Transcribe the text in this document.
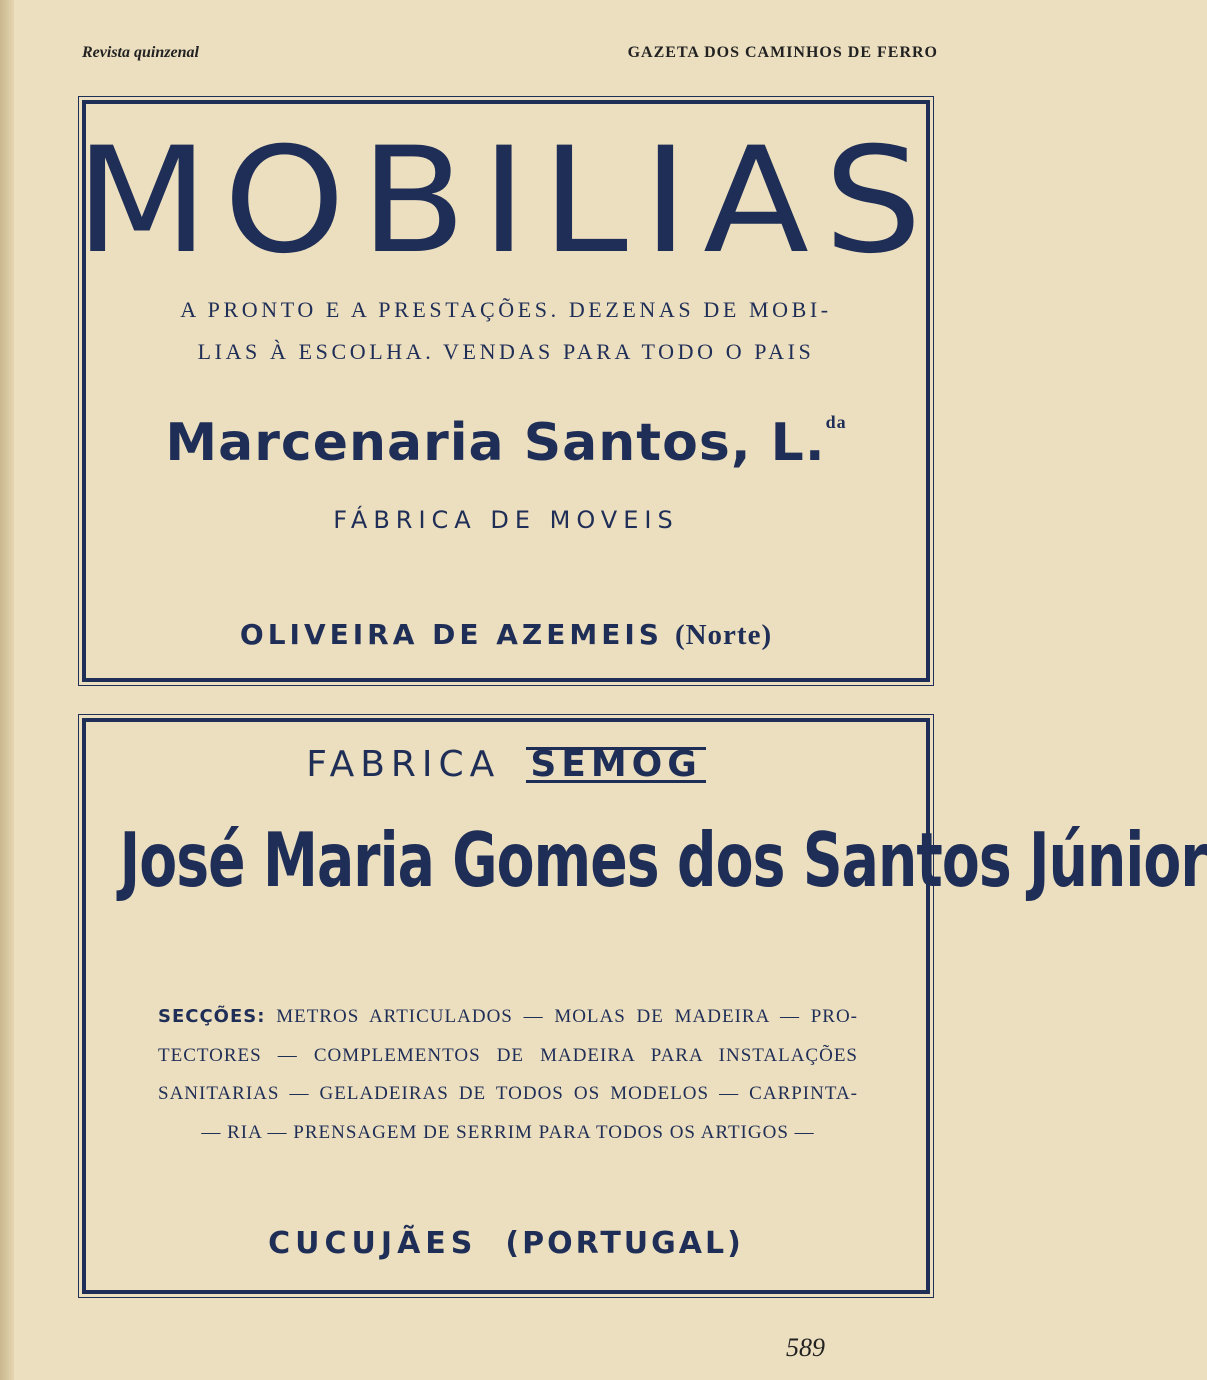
Revista quinzenal	GAZETA DOS CAMINHOS DE FERRO
MOBILIAS
A PRONTO E A PRESTAÇÕES. DEZENAS DE MOBI-
LIAS À ESCOLHA. VENDAS PARA TODO O PAIS
Marcenaria Santos, L.$^{da}$
FÁBRICA DE MOVEIS
OLIVEIRA DE AZEMEIS (Norte)
FABRICA SEMOG
José Maria Gomes dos Santos Júnior
SECÇÕES: METROS ARTICULADOS — MOLAS DE MADEIRA — PRO-
TECTORES — COMPLEMENTOS DE MADEIRA PARA INSTALAÇÕES
SANITARIAS — GELADEIRAS DE TODOS OS MODELOS — CARPINTA-
— RIA — PRENSAGEM DE SERRIM PARA TODOS OS ARTIGOS —
CUCUJÃES (PORTUGAL)
589
